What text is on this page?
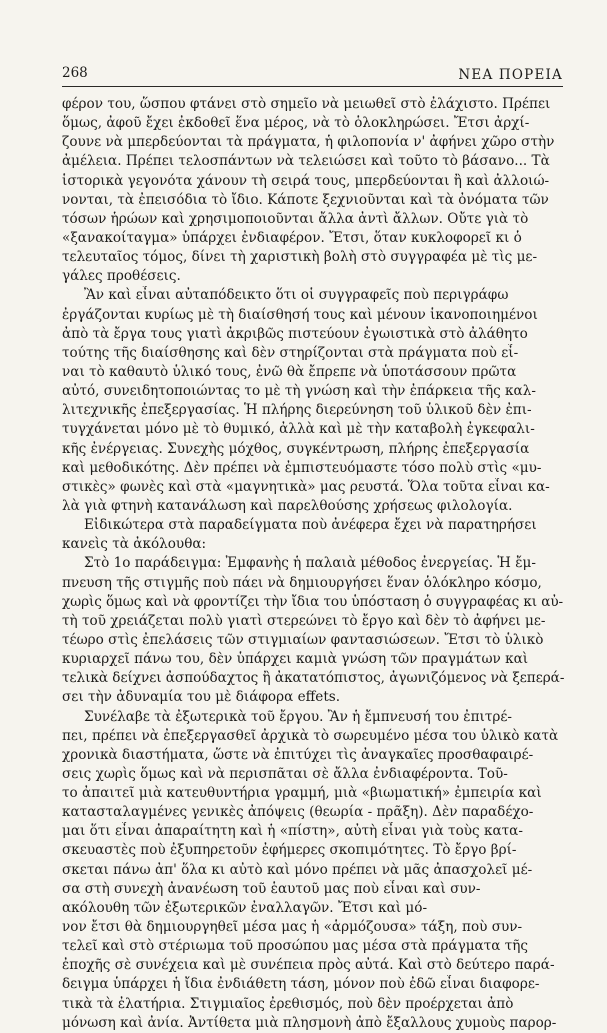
268	ΝΕΑ ΠΟΡΕΙΑ
φέρον του, ὥσπου φτάνει στὸ σημεῖο νὰ μειωθεῖ στὸ ἐλάχιστο. Πρέπει
ὅμως, ἀφοῦ ἔχει ἐκδοθεῖ ἕνα μέρος, νὰ τὸ ὁλοκληρώσει. Ἔτσι ἀρχί-
ζουνε νὰ μπερδεύονται τὰ πράγματα, ἡ φιλοπονία ν' ἀφήνει χῶρο στὴν
ἀμέλεια. Πρέπει τελοσπάντων νὰ τελειώσει καὶ τοῦτο τὸ βάσανο... Τὰ
ἱστορικὰ γεγονότα χάνουν τὴ σειρά τους, μπερδεύονται ἢ καὶ ἀλλοιώ-
νονται, τὰ ἐπεισόδια τὸ ἴδιο. Κάποτε ξεχνιοῦνται καὶ τὰ ὀνόματα τῶν
τόσων ἡρώων καὶ χρησιμοποιοῦνται ἄλλα ἀντὶ ἄλλων. Οὔτε γιὰ τὸ
«ξανακοίταγμα» ὑπάρχει ἐνδιαφέρον. Ἔτσι, ὅταν κυκλοφορεῖ κι ὁ
τελευταῖος τόμος, δίνει τὴ χαριστικὴ βολὴ στὸ συγγραφέα μὲ τὶς με-
γάλες προθέσεις.
Ἂν καὶ εἶναι αὐταπόδεικτο ὅτι οἱ συγγραφεῖς ποὺ περιγράφω
ἐργάζονται κυρίως μὲ τὴ διαίσθησή τους καὶ μένουν ἱκανοποιημένοι
ἀπὸ τὰ ἔργα τους γιατὶ ἀκριβῶς πιστεύουν ἐγωιστικὰ στὸ ἀλάθητο
τούτης τῆς διαίσθησης καὶ δὲν στηρίζονται στὰ πράγματα ποὺ εἶ-
ναι τὸ καθαυτὸ ὑλικό τους, ἐνῶ θὰ ἔπρεπε νὰ ὑποτάσσουν πρῶτα
αὐτό, συνειδητοποιώντας το μὲ τὴ γνώση καὶ τὴν ἐπάρκεια τῆς καλ-
λιτεχνικῆς ἐπεξεργασίας. Ἡ πλήρης διερεύνηση τοῦ ὑλικοῦ δὲν ἐπι-
τυγχάνεται μόνο μὲ τὸ θυμικό, ἀλλὰ καὶ μὲ τὴν καταβολὴ ἐγκεφαλι-
κῆς ἐνέργειας. Συνεχὴς μόχθος, συγκέντρωση, πλήρης ἐπεξεργασία
καὶ μεθοδικότης. Δὲν πρέπει νὰ ἐμπιστευόμαστε τόσο πολὺ στὶς «μυ-
στικὲς» φωνὲς καὶ στὰ «μαγνητικὰ» μας ρευστά. Ὅλα τοῦτα εἶναι κα-
λὰ γιὰ φτηνὴ κατανάλωση καὶ παρελθούσης χρήσεως φιλολογία.
Εἰδικώτερα στὰ παραδείγματα ποὺ ἀνέφερα ἔχει νὰ παρατηρήσει
κανεὶς τὰ ἀκόλουθα:
Στὸ 1ο παράδειγμα: Ἐμφανὴς ἡ παλαιὰ μέθοδος ἐνεργείας. Ἡ ἔμ-
πνευση τῆς στιγμῆς ποὺ πάει νὰ δημιουργήσει ἕναν ὁλόκληρο κόσμο,
χωρὶς ὅμως καὶ νὰ φροντίζει τὴν ἴδια του ὑπόσταση ὁ συγγραφέας κι αὐ-
τὴ τοῦ χρειάζεται πολὺ γιατὶ στερεώνει τὸ ἔργο καὶ δὲν τὸ ἀφήνει με-
τέωρο στὶς ἐπελάσεις τῶν στιγμιαίων φαντασιώσεων. Ἔτσι τὸ ὑλικὸ
κυριαρχεῖ πάνω του, δὲν ὑπάρχει καμιὰ γνώση τῶν πραγμάτων καὶ
τελικὰ δείχνει ἀσπούδαχτος ἢ ἀκατατόπιστος, ἀγωνιζόμενος νὰ ξεπερά-
σει τὴν ἀδυναμία του μὲ διάφορα effets.
Συνέλαβε τὰ ἐξωτερικὰ τοῦ ἔργου. Ἂν ἡ ἔμπνευσή του ἐπιτρέ-
πει, πρέπει νὰ ἐπεξεργασθεῖ ἀρχικὰ τὸ σωρευμένο μέσα του ὑλικὸ κατὰ
χρονικὰ διαστήματα, ὥστε νὰ ἐπιτύχει τὶς ἀναγκαῖες προσθαφαιρέ-
σεις χωρὶς ὅμως καὶ νὰ περισπᾶται σὲ ἄλλα ἐνδιαφέροντα. Τοῦ-
το ἀπαιτεῖ μιὰ κατευθυντήρια γραμμή, μιὰ «βιωματική» ἐμπειρία καὶ
κατασταλαγμένες γενικὲς ἀπόψεις (θεωρία - πρᾶξη). Δὲν παραδέχο-
μαι ὅτι εἶναι ἀπαραίτητη καὶ ἡ «πίστη», αὐτὴ εἶναι γιὰ τοὺς κατα-
σκευαστὲς ποὺ ἐξυπηρετοῦν ἐφήμερες σκοπιμότητες. Τὸ ἔργο βρί-
σκεται πάνω ἀπ' ὅλα κι αὐτὸ καὶ μόνο πρέπει νὰ μᾶς ἀπασχολεῖ μέ-
σα στὴ συνεχὴ ἀνανέωση τοῦ ἑαυτοῦ μας ποὺ εἶναι καὶ συν-
ακόλουθη τῶν ἐξωτερικῶν ἐναλλαγῶν. Ἔτσι καὶ μό-
νον ἔτσι θὰ δημιουργηθεῖ μέσα μας ἡ «ἁρμόζουσα» τάξη, ποὺ συν-
τελεῖ καὶ στὸ στέριωμα τοῦ προσώπου μας μέσα στὰ πράγματα τῆς
ἐποχῆς σὲ συνέχεια καὶ μὲ συνέπεια πρὸς αὐτά. Καὶ στὸ δεύτερο παρά-
δειγμα ὑπάρχει ἡ ἴδια ἐνδιάθετη τάση, μόνον ποὺ ἐδῶ εἶναι διαφορε-
τικὰ τὰ ἐλατήρια. Στιγμιαῖος ἐρεθισμός, ποὺ δὲν προέρχεται ἀπὸ
μόνωση καὶ ἀνία. Ἀντίθετα μιὰ πλησμονὴ ἀπὸ ἔξαλλους χυμοὺς παρορ-
